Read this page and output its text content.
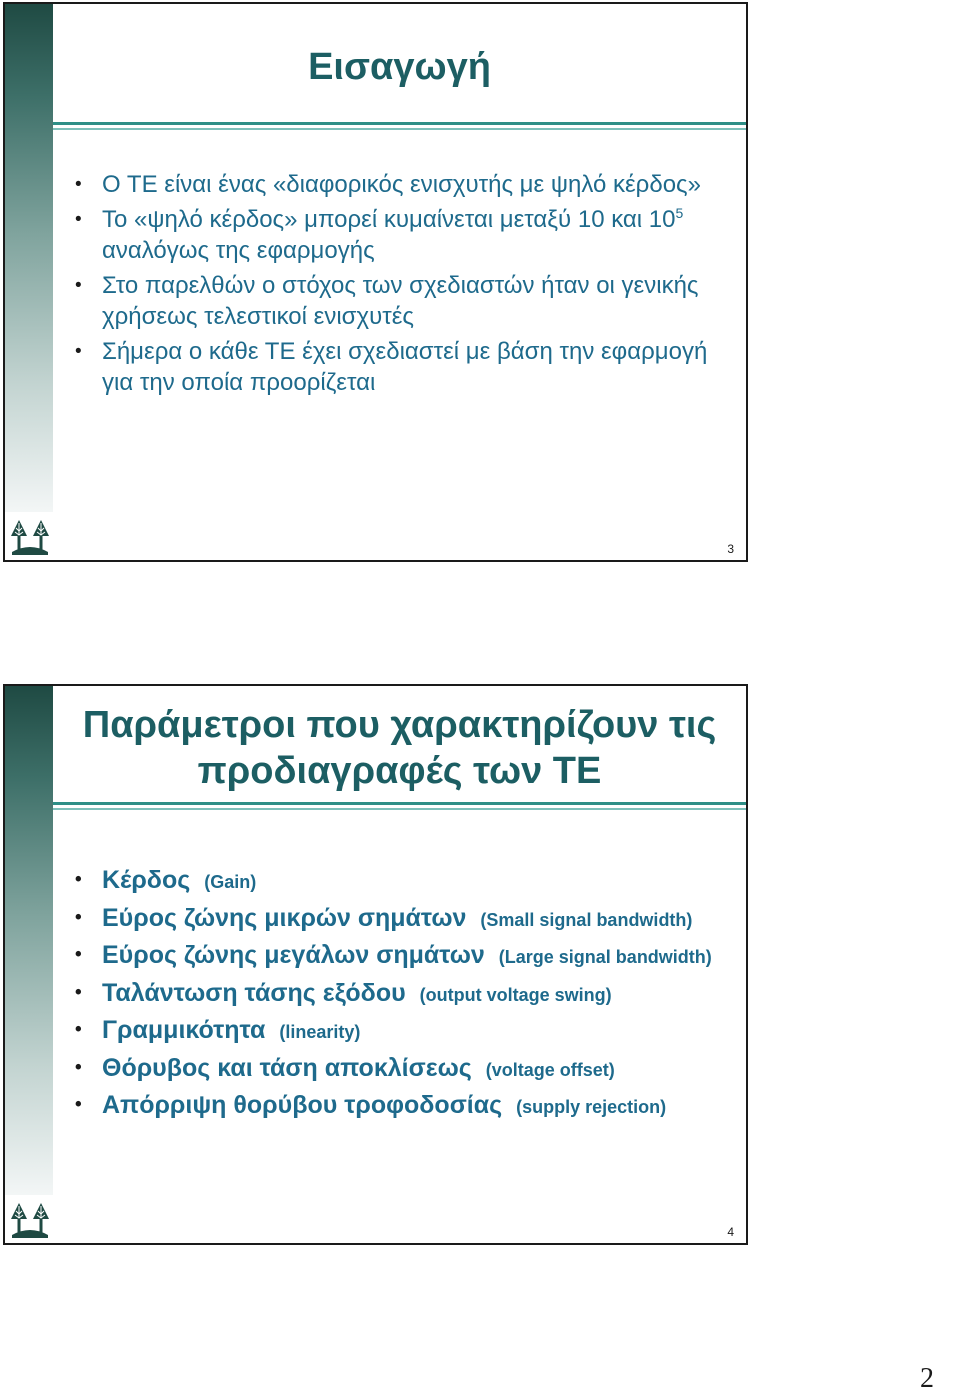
Εισαγωγή
• Ο ΤΕ είναι ένας «διαφορικός ενισχυτής με ψηλό κέρδος»
• Το «ψηλό κέρδος» μπορεί κυμαίνεται μεταξύ 10 και $10^5$ αναλόγως της εφαρμογής
• Στο παρελθών ο στόχος των σχεδιαστών ήταν οι γενικής χρήσεως τελεστικοί ενισχυτές
• Σήμερα ο κάθε ΤΕ έχει σχεδιαστεί με βάση την εφαρμογή για την οποία προορίζεται
3
Παράμετροι που χαρακτηρίζουν τις προδιαγραφές των ΤΕ
• Κέρδος (Gain)
• Εύρος ζώνης μικρών σημάτων (Small signal bandwidth)
• Εύρος ζώνης μεγάλων σημάτων (Large signal bandwidth)
• Ταλάντωση τάσης εξόδου (output voltage swing)
• Γραμμικότητα (linearity)
• Θόρυβος και τάση αποκλίσεως (voltage offset)
• Απόρριψη θορύβου τροφοδοσίας (supply rejection)
4
2
